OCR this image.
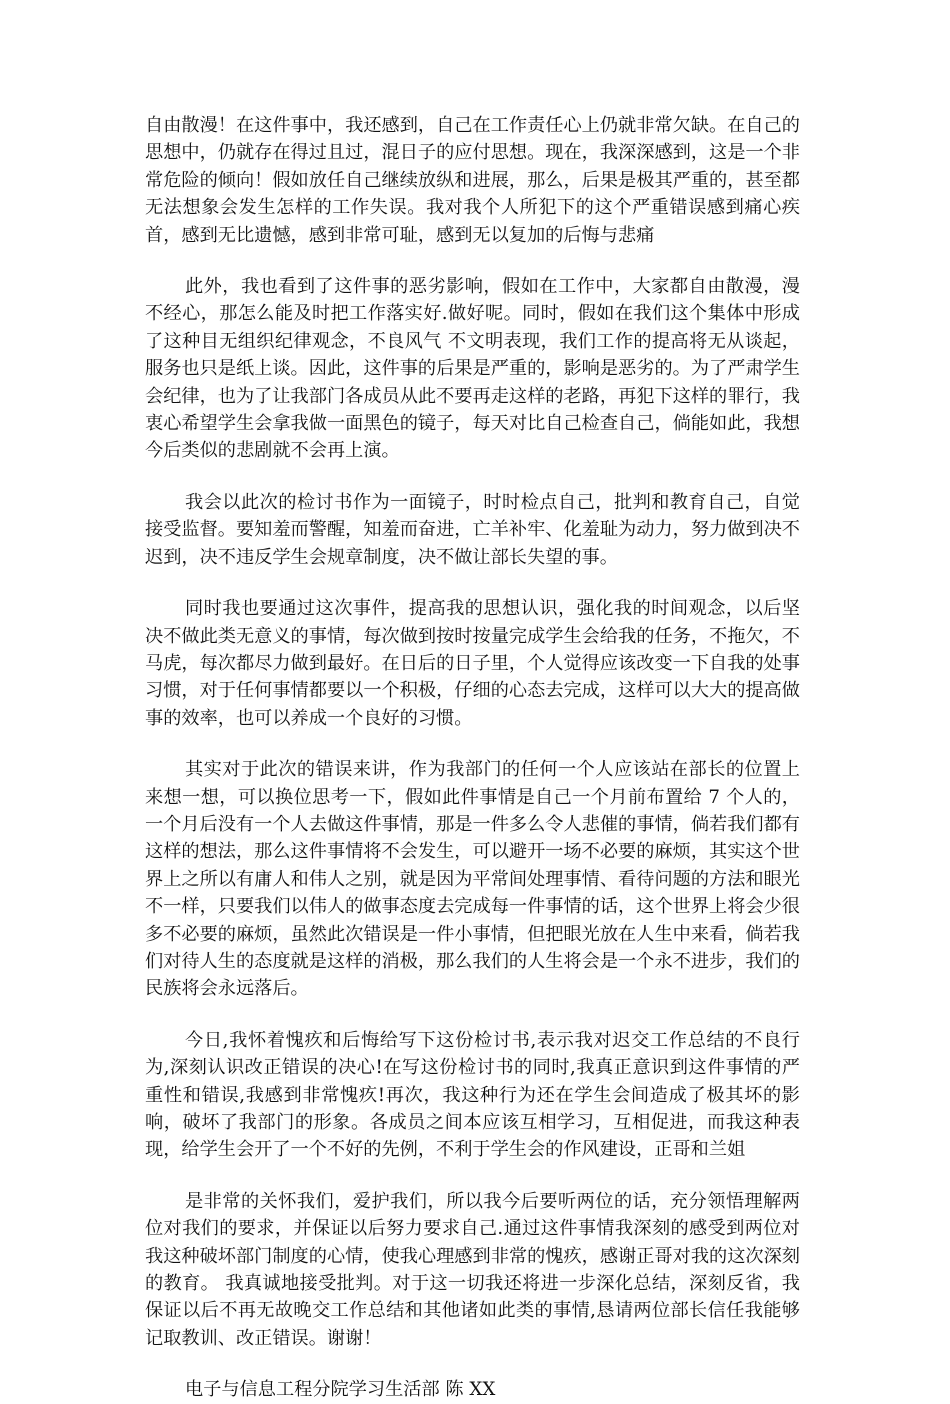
自由散漫！在这件事中，我还感到，自己在工作责任心上仍就非常欠缺。在自己的思想中，仍就存在得过且过，混日子的应付思想。现在，我深深感到，这是一个非常危险的倾向！假如放任自己继续放纵和进展，那么，后果是极其严重的，甚至都无法想象会发生怎样的工作失误。我对我个人所犯下的这个严重错误感到痛心疾首，感到无比遗憾，感到非常可耻，感到无以复加的后悔与悲痛

此外，我也看到了这件事的恶劣影响，假如在工作中，大家都自由散漫，漫不经心，那怎么能及时把工作落实好.做好呢。同时，假如在我们这个集体中形成了这种目无组织纪律观念，不良风气 不文明表现，我们工作的提高将无从谈起，服务也只是纸上谈。因此，这件事的后果是严重的，影响是恶劣的。为了严肃学生会纪律，也为了让我部门各成员从此不要再走这样的老路，再犯下这样的罪行，我衷心希望学生会拿我做一面黑色的镜子，每天对比自己检查自己，倘能如此，我想今后类似的悲剧就不会再上演。

我会以此次的检讨书作为一面镜子，时时检点自己，批判和教育自己，自觉接受监督。要知羞而警醒，知羞而奋进，亡羊补牢、化羞耻为动力，努力做到决不迟到，决不违反学生会规章制度，决不做让部长失望的事。

同时我也要通过这次事件，提高我的思想认识，强化我的时间观念，以后坚决不做此类无意义的事情，每次做到按时按量完成学生会给我的任务，不拖欠，不马虎，每次都尽力做到最好。在日后的日子里，个人觉得应该改变一下自我的处事习惯，对于任何事情都要以一个积极，仔细的心态去完成，这样可以大大的提高做事的效率，也可以养成一个良好的习惯。

其实对于此次的错误来讲，作为我部门的任何一个人应该站在部长的位置上来想一想，可以换位思考一下，假如此件事情是自己一个月前布置给 7 个人的，一个月后没有一个人去做这件事情，那是一件多么令人悲催的事情，倘若我们都有这样的想法，那么这件事情将不会发生，可以避开一场不必要的麻烦，其实这个世界上之所以有庸人和伟人之别，就是因为平常间处理事情、看待问题的方法和眼光不一样，只要我们以伟人的做事态度去完成每一件事情的话，这个世界上将会少很多不必要的麻烦，虽然此次错误是一件小事情，但把眼光放在人生中来看，倘若我们对待人生的态度就是这样的消极，那么我们的人生将会是一个永不进步，我们的民族将会永远落后。

今日,我怀着愧疚和后悔给写下这份检讨书,表示我对迟交工作总结的不良行为,深刻认识改正错误的决心!在写这份检讨书的同时,我真正意识到这件事情的严重性和错误,我感到非常愧疚!再次，我这种行为还在学生会间造成了极其坏的影响，破坏了我部门的形象。各成员之间本应该互相学习，互相促进，而我这种表现，给学生会开了一个不好的先例，不利于学生会的作风建设，正哥和兰姐

是非常的关怀我们，爱护我们，所以我今后要听两位的话，充分领悟理解两位对我们的要求，并保证以后努力要求自己.通过这件事情我深刻的感受到两位对我这种破坏部门制度的心情，使我心理感到非常的愧疚，感谢正哥对我的这次深刻的教育。 我真诚地接受批判。对于这一切我还将进一步深化总结，深刻反省，我保证以后不再无故晚交工作总结和其他诸如此类的事情,恳请两位部长信任我能够记取教训、改正错误。谢谢！

电子与信息工程分院学习生活部 陈 XX
